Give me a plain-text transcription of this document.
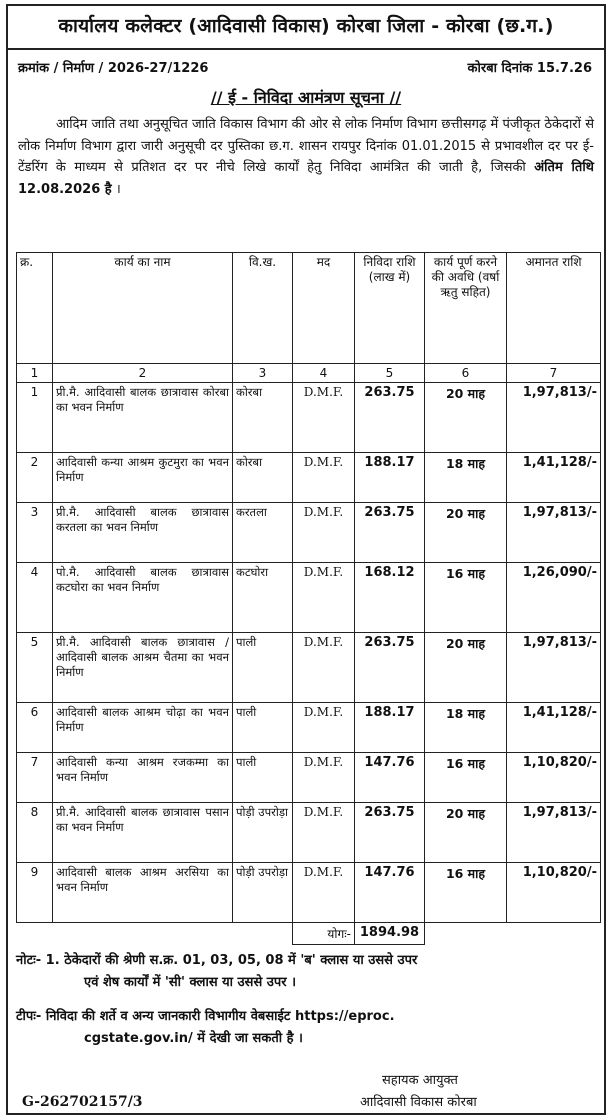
कार्यालय कलेक्टर (आदिवासी विकास) कोरबा जिला - कोरबा (छ.ग.)
क्रमांक / निर्माण / 2026-27/1226	कोरबा दिनांक 15.7.26
// ई - निविदा आमंत्रण सूचना //
आदिम जाति तथा अनुसूचित जाति विकास विभाग की ओर से लोक निर्माण विभाग छत्तीसगढ़ में पंजीकृत ठेकेदारों से लोक निर्माण विभाग द्वारा जारी अनुसूची दर पुस्तिका छ.ग. शासन रायपुर दिनांक 01.01.2015 से प्रभावशील दर पर ई-टेंडरिंग के माध्यम से प्रतिशत दर पर नीचे लिखे कार्यों हेतु निविदा आमंत्रित की जाती है, जिसकी अंतिम तिथि 12.08.2026 है ।
क्र.	कार्य का नाम	वि.ख.	मद	निविदा राशि (लाख में)	कार्य पूर्ण करने की अवधि (वर्षा ऋतु सहित)	अमानत राशि
1	2	3	4	5	6	7
1	प्री.मै. आदिवासी बालक छात्रावास कोरबा का भवन निर्माण	कोरबा	D.M.F.	263.75	20 माह	1,97,813/-
2	आदिवासी कन्या आश्रम कुटमुरा का भवन निर्माण	कोरबा	D.M.F.	188.17	18 माह	1,41,128/-
3	प्री.मै. आदिवासी बालक छात्रावास करतला का भवन निर्माण	करतला	D.M.F.	263.75	20 माह	1,97,813/-
4	पो.मै. आदिवासी बालक छात्रावास कटघोरा का भवन निर्माण	कटघोरा	D.M.F.	168.12	16 माह	1,26,090/-
5	प्री.मै. आदिवासी बालक छात्रावास / आदिवासी बालक आश्रम चैतमा का भवन निर्माण	पाली	D.M.F.	263.75	20 माह	1,97,813/-
6	आदिवासी बालक आश्रम चोढ़ा का भवन निर्माण	पाली	D.M.F.	188.17	18 माह	1,41,128/-
7	आदिवासी कन्या आश्रम रजकम्मा का भवन निर्माण	पाली	D.M.F.	147.76	16 माह	1,10,820/-
8	प्री.मै. आदिवासी बालक छात्रावास पसान का भवन निर्माण	पोड़ी उपरोड़ा	D.M.F.	263.75	20 माह	1,97,813/-
9	आदिवासी बालक आश्रम अरसिया का भवन निर्माण	पोड़ी उपरोड़ा	D.M.F.	147.76	16 माह	1,10,820/-
			योगः-	1894.98		
नोटः- 1. ठेकेदारों की श्रेणी स.क्र. 01, 03, 05, 08 में 'ब' क्लास या उससे उपर
एवं शेष कार्यों में 'सी' क्लास या उससे उपर ।
टीपः- निविदा की शर्ते व अन्य जानकारी विभागीय वेबसाईट https://eproc.
cgstate.gov.in/ में देखी जा सकती है ।
सहायक आयुक्त
आदिवासी विकास कोरबा
G-262702157/3
